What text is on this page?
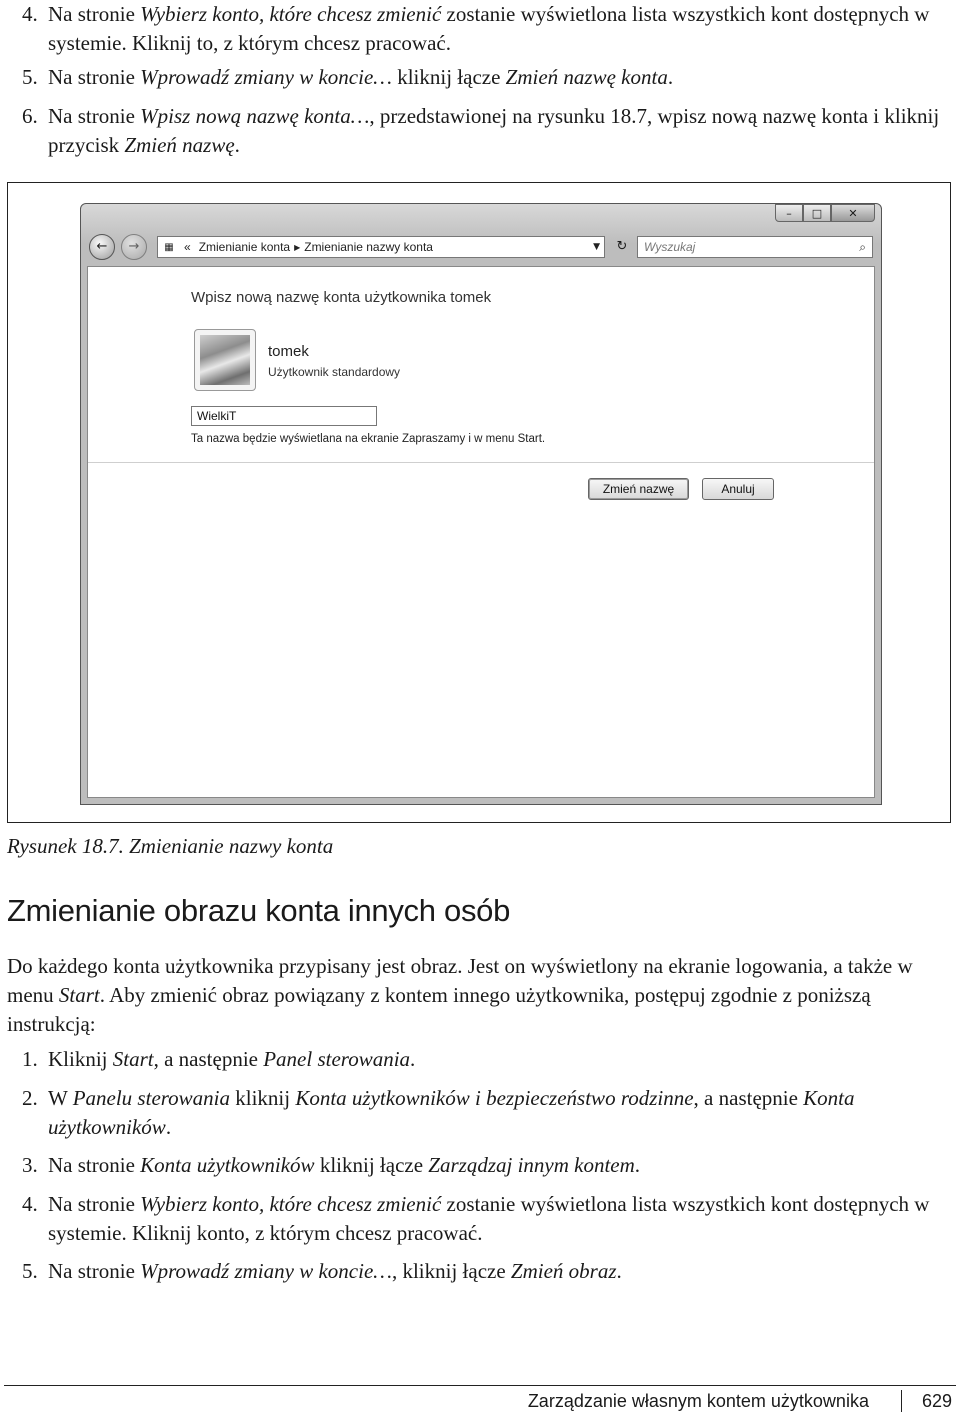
4. Na stronie Wybierz konto, które chcesz zmienić zostanie wyświetlona lista wszystkich kont dostępnych w systemie. Kliknij to, z którym chcesz pracować.

5. Na stronie Wprowadź zmiany w koncie… kliknij łącze Zmień nazwę konta.

6. Na stronie Wpisz nową nazwę konta…, przedstawionej na rysunku 18.7, wpisz nową nazwę konta i kliknij przycisk Zmień nazwę.

–	□	✕
←	→	▦ « Zmienianie konta ▶ Zmienianie nazwy konta	▼	↻	Wyszukaj	⌕
Wpisz nową nazwę konta użytkownika tomek
tomek
Użytkownik standardowy
WielkiT
Ta nazwa będzie wyświetlana na ekranie Zapraszamy i w menu Start.
Zmień nazwę	Anuluj
Rysunek 18.7. Zmienianie nazwy konta
Zmienianie obrazu konta innych osób

Do każdego konta użytkownika przypisany jest obraz. Jest on wyświetlony na ekranie logowania, a także w menu Start. Aby zmienić obraz powiązany z kontem innego użytkownika, postępuj zgodnie z poniższą instrukcją:

1. Kliknij Start, a następnie Panel sterowania.

2. W Panelu sterowania kliknij Konta użytkowników i bezpieczeństwo rodzinne, a następnie Konta użytkowników.

3. Na stronie Konta użytkowników kliknij łącze Zarządzaj innym kontem.

4. Na stronie Wybierz konto, które chcesz zmienić zostanie wyświetlona lista wszystkich kont dostępnych w systemie. Kliknij konto, z którym chcesz pracować.

5. Na stronie Wprowadź zmiany w koncie…, kliknij łącze Zmień obraz.

Zarządzanie własnym kontem użytkownika	629
